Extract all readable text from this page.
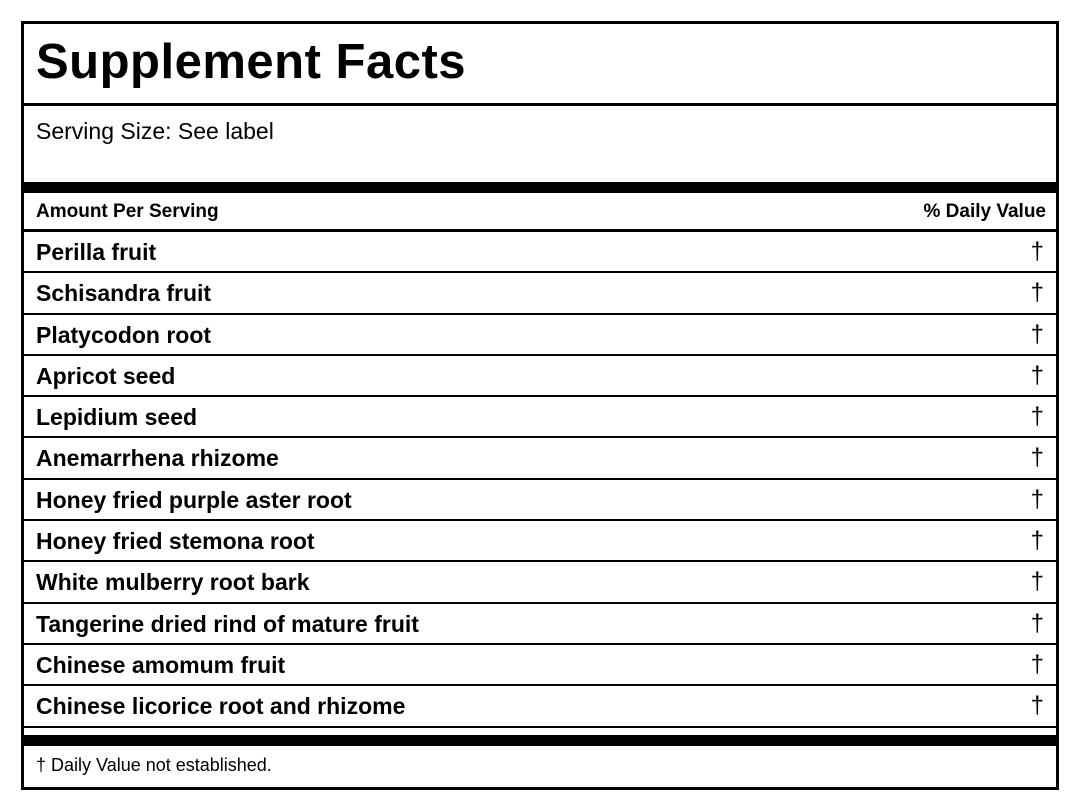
Supplement Facts
Serving Size: See label
Amount Per Serving	% Daily Value
Perilla fruit	†
Schisandra fruit	†
Platycodon root	†
Apricot seed	†
Lepidium seed	†
Anemarrhena rhizome	†
Honey fried purple aster root	†
Honey fried stemona root	†
White mulberry root bark	†
Tangerine dried rind of mature fruit	†
Chinese amomum fruit	†
Chinese licorice root and rhizome	†
† Daily Value not established.
